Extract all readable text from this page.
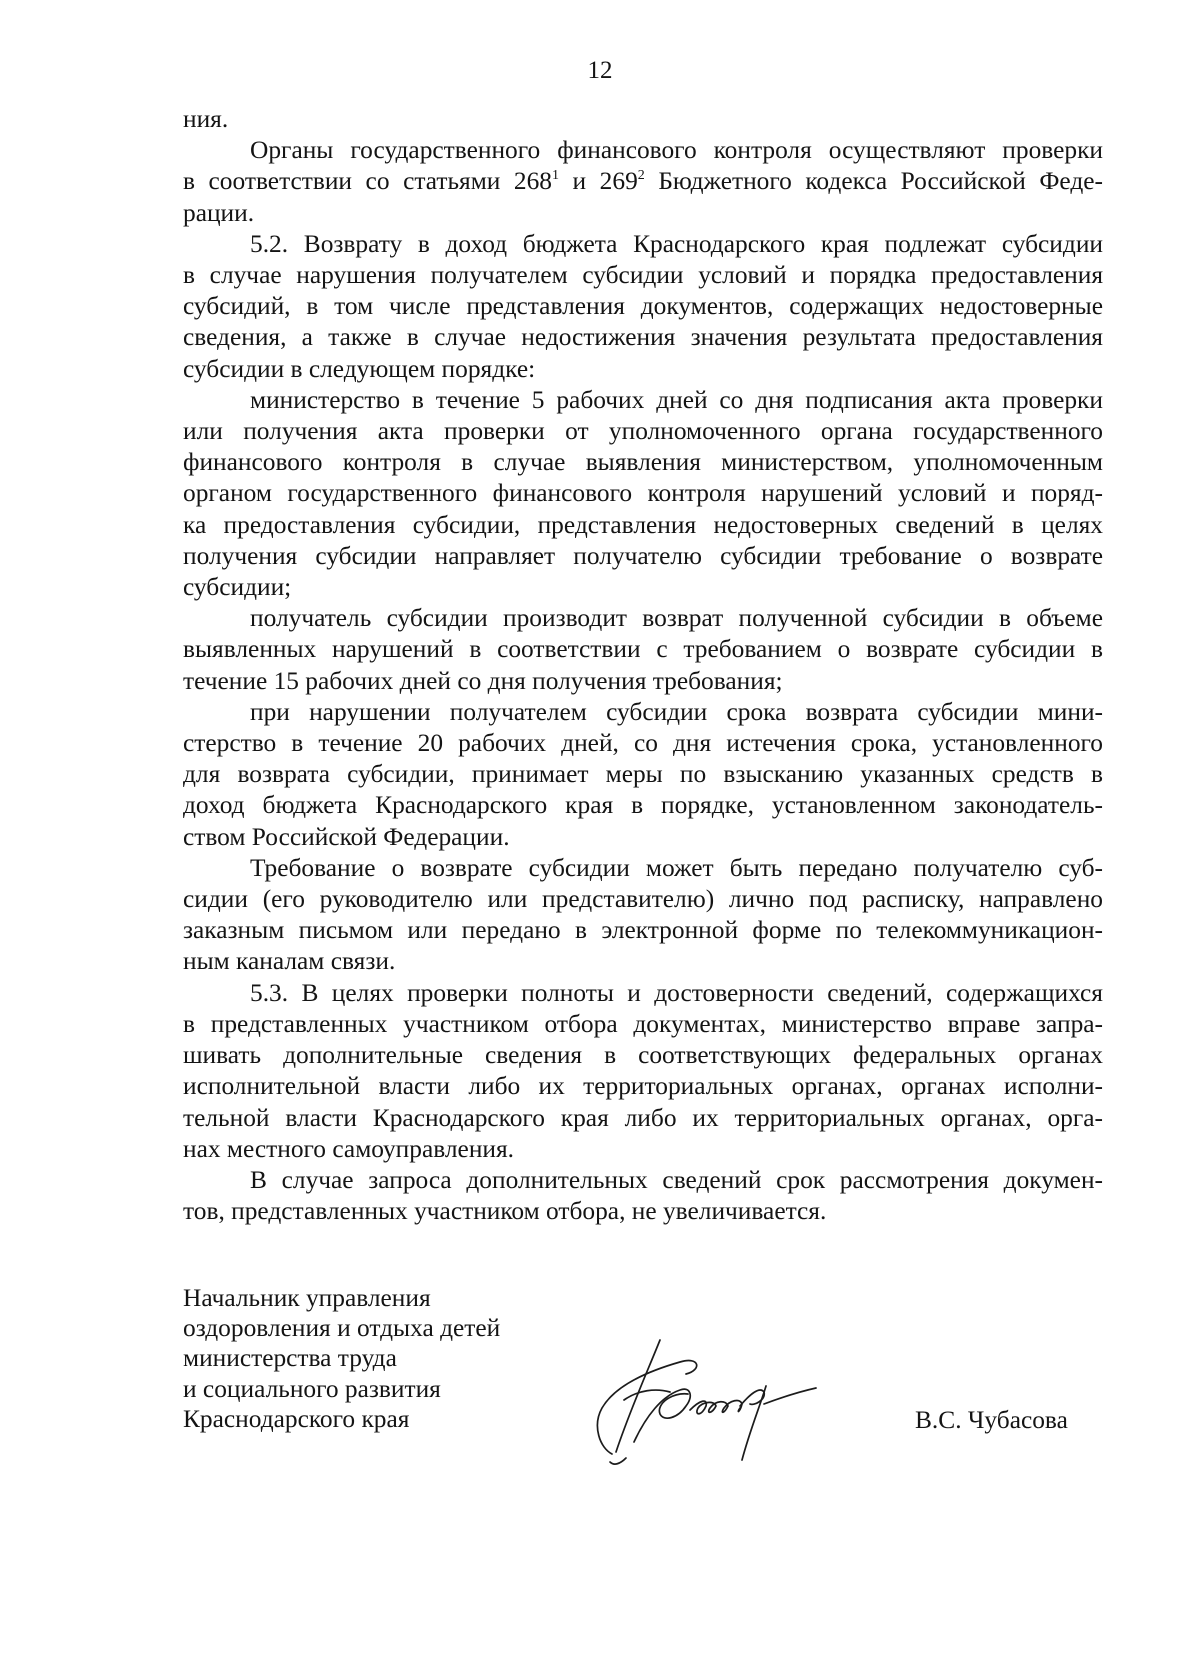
12
ния.
Органы государственного финансового контроля осуществляют проверки
в соответствии со статьями $268^1$ и $269^2$ Бюджетного кодекса Российской Феде-
рации.
5.2. Возврату в доход бюджета Краснодарского края подлежат субсидии
в случае нарушения получателем субсидии условий и порядка предоставления
субсидий, в том числе представления документов, содержащих недостоверные
сведения, а также в случае недостижения значения результата предоставления
субсидии в следующем порядке:
министерство в течение 5 рабочих дней со дня подписания акта проверки
или получения акта проверки от уполномоченного органа государственного
финансового контроля в случае выявления министерством, уполномоченным
органом государственного финансового контроля нарушений условий и поряд-
ка предоставления субсидии, представления недостоверных сведений в целях
получения субсидии направляет получателю субсидии требование о возврате
субсидии;
получатель субсидии производит возврат полученной субсидии в объеме
выявленных нарушений в соответствии с требованием о возврате субсидии в
течение 15 рабочих дней со дня получения требования;
при нарушении получателем субсидии срока возврата субсидии мини-
стерство в течение 20 рабочих дней, со дня истечения срока, установленного
для возврата субсидии, принимает меры по взысканию указанных средств в
доход бюджета Краснодарского края в порядке, установленном законодатель-
ством Российской Федерации.
Требование о возврате субсидии может быть передано получателю суб-
сидии (его руководителю или представителю) лично под расписку, направлено
заказным письмом или передано в электронной форме по телекоммуникацион-
ным каналам связи.
5.3. В целях проверки полноты и достоверности сведений, содержащихся
в представленных участником отбора документах, министерство вправе запра-
шивать дополнительные сведения в соответствующих федеральных органах
исполнительной власти либо их территориальных органах, органах исполни-
тельной власти Краснодарского края либо их территориальных органах, орга-
нах местного самоуправления.
В случае запроса дополнительных сведений срок рассмотрения докумен-
тов, представленных участником отбора, не увеличивается.
Начальник управления
оздоровления и отдыха детей
министерства труда
и социального развития
Краснодарского края	В.С. Чубасова
